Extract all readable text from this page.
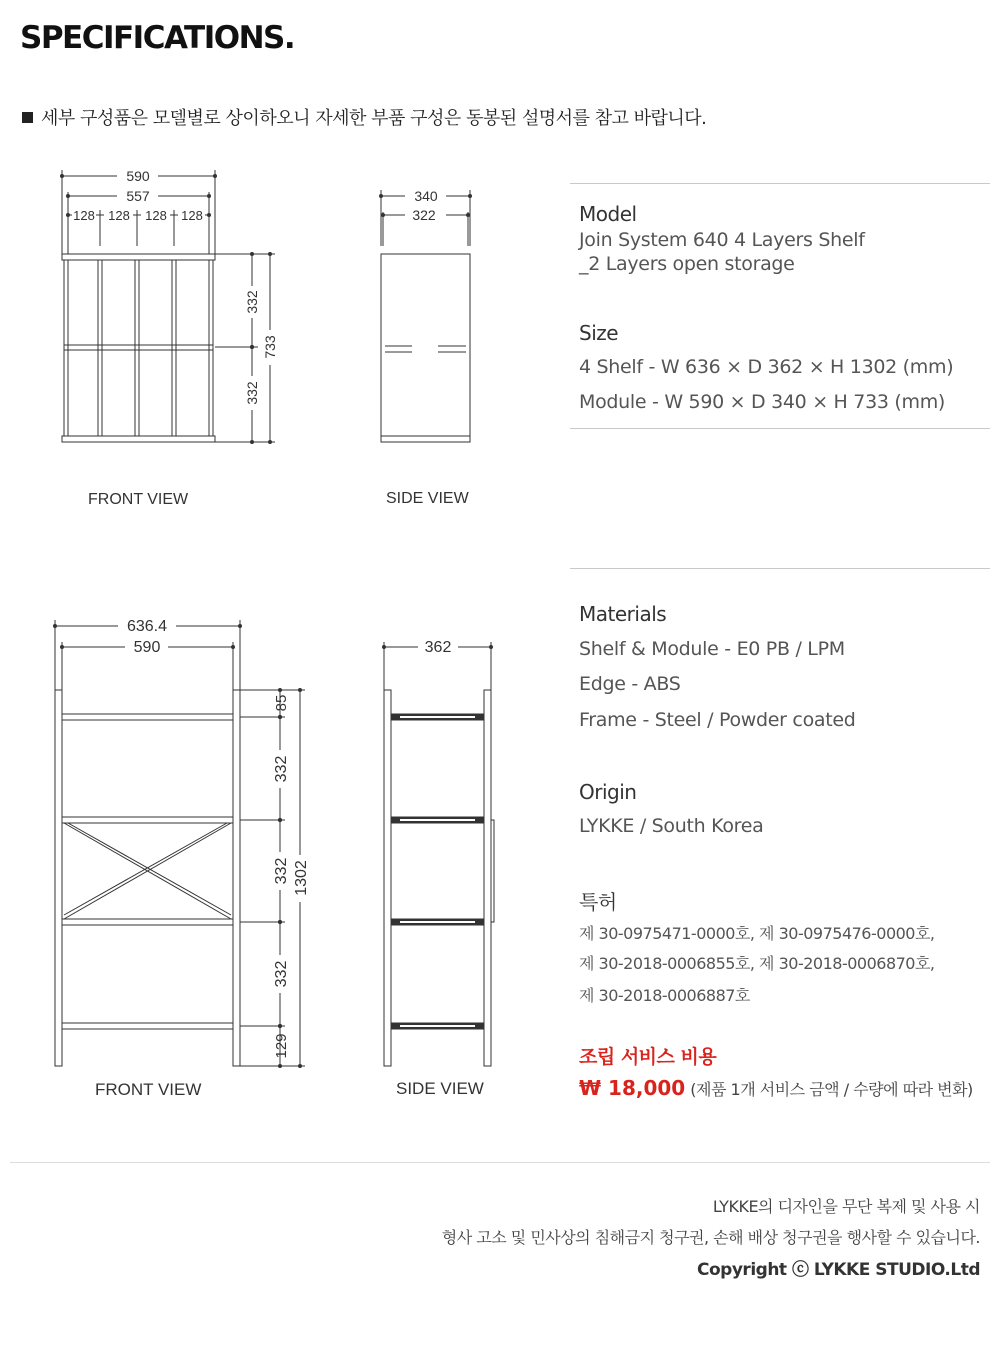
SPECIFICATIONS.
세부 구성품은 모델별로 상이하오니 자세한 부품 구성은 동봉된 설명서를 참고 바랍니다.
590
557
128 128 128 128
340
322
332
332
733
636.4
590	362
85
332
332
332
129
1302
FRONT VIEW	SIDE VIEW
FRONT VIEW	SIDE VIEW
Model
Join System 640 4 Layers Shelf
_2 Layers open storage
Size
4 Shelf - W 636 × D 362 × H 1302 (mm)
Module - W 590 × D 340 × H 733 (mm)
Materials
Shelf & Module - E0 PB / LPM
Edge - ABS
Frame - Steel / Powder coated
Origin
LYKKE / South Korea
특허
제 30-0975471-0000호, 제 30-0975476-0000호,
제 30-2018-0006855호, 제 30-2018-0006870호,
제 30-2018-0006887호
조립 서비스 비용
₩ 18,000 (제품 1개 서비스 금액 / 수량에 따라 변화)
LYKKE의 디자인을 무단 복제 및 사용 시
형사 고소 및 민사상의 침해금지 청구권, 손해 배상 청구권을 행사할 수 있습니다.
Copyright ⓒ LYKKE STUDIO.Ltd
